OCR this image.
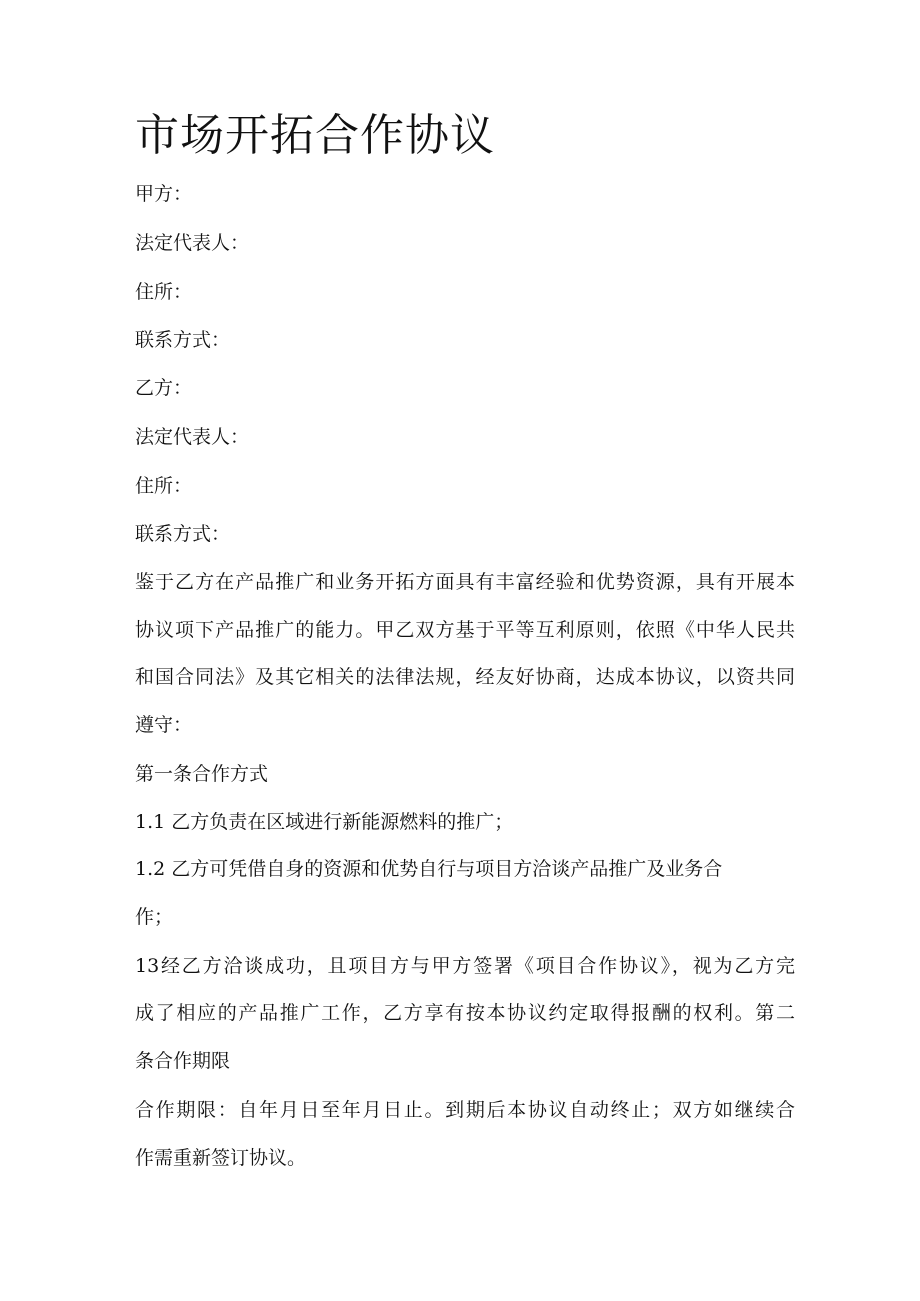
市场开拓合作协议

甲方：

法定代表人：

住所：

联系方式：

乙方：

法定代表人：

住所：

联系方式：

鉴于乙方在产品推广和业务开拓方面具有丰富经验和优势资源，具有开展本

协议项下产品推广的能力。甲乙双方基于平等互利原则，依照《中华人民共

和国合同法》及其它相关的法律法规，经友好协商，达成本协议，以资共同

遵守：

第一条合作方式

1.1 乙方负责在区域进行新能源燃料的推广；

1.2 乙方可凭借自身的资源和优势自行与项目方洽谈产品推广及业务合

作；

13经乙方洽谈成功，且项目方与甲方签署《项目合作协议》，视为乙方完

成了相应的产品推广工作，乙方享有按本协议约定取得报酬的权利。第二

条合作期限

合作期限：自年月日至年月日止。到期后本协议自动终止；双方如继续合

作需重新签订协议。
